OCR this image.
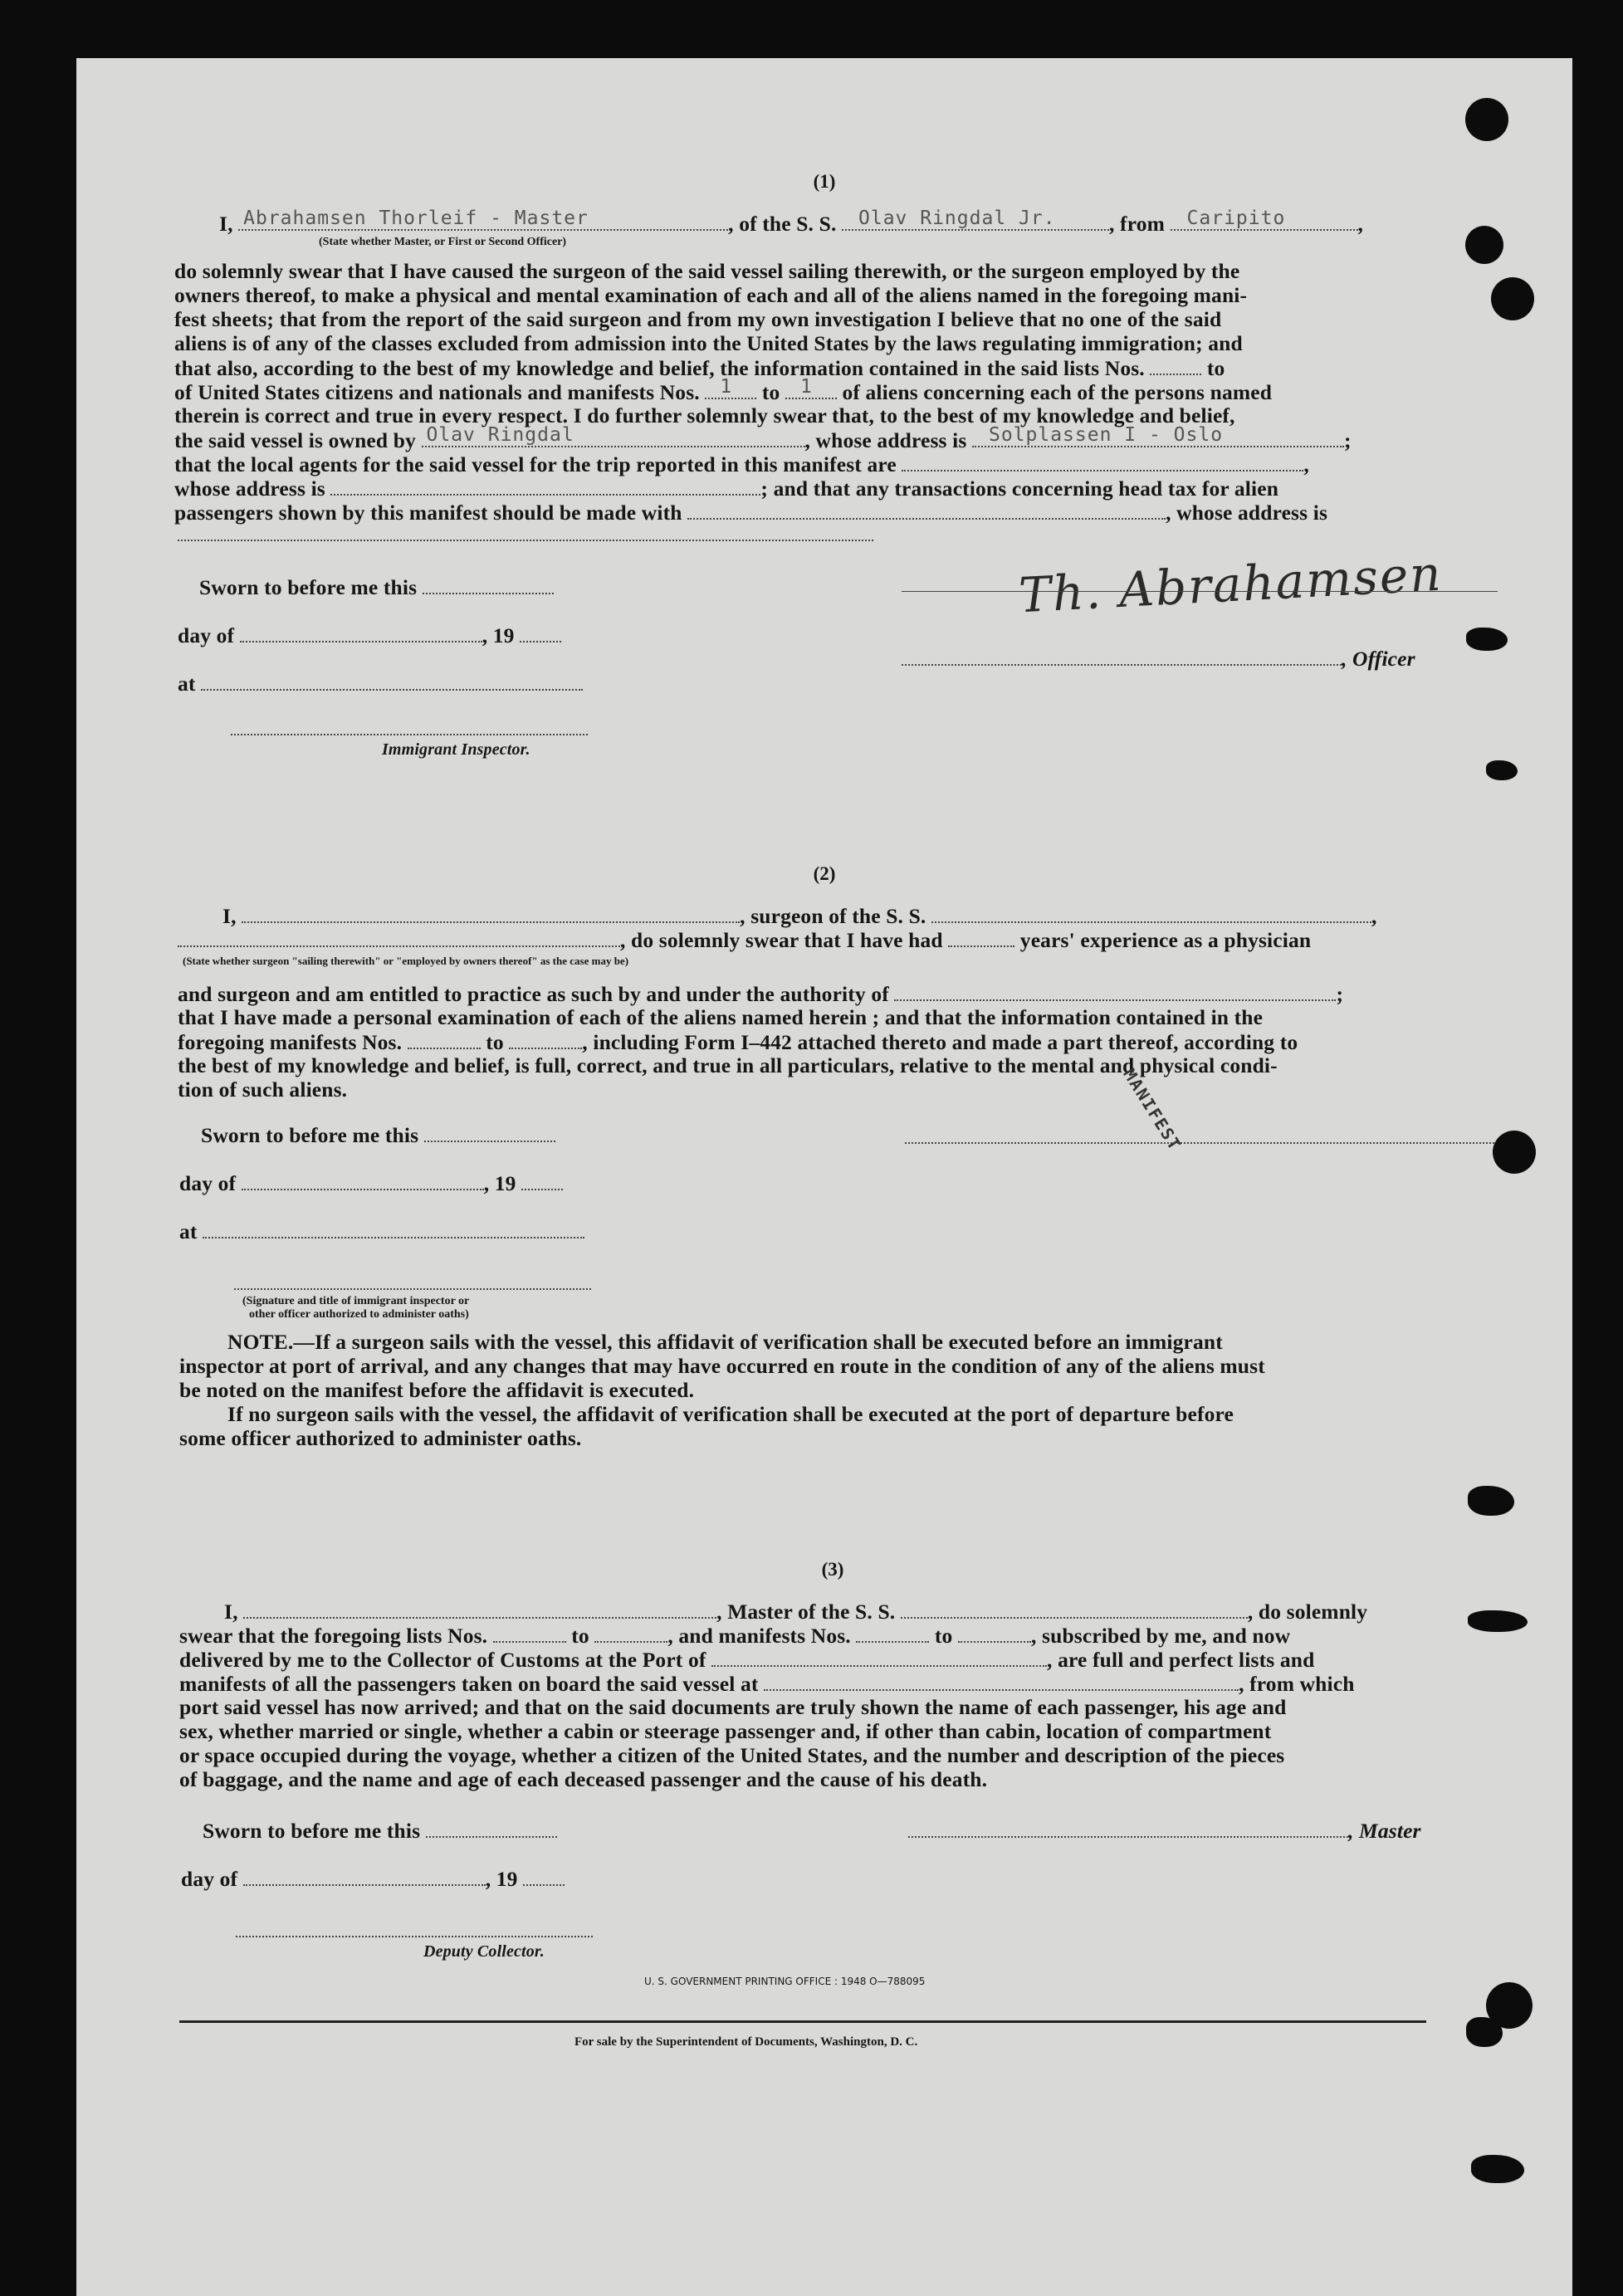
(1)
I, Abrahamsen Thorleif - Master	, of the S. S. Olav Ringdal Jr.	, from Caripito	,
(State whether Master, or First or Second Officer)
do solemnly swear that I have caused the surgeon of the said vessel sailing therewith, or the surgeon employed by the
owners thereof, to make a physical and mental examination of each and all of the aliens named in the foregoing mani-
fest sheets; that from the report of the said surgeon and from my own investigation I believe that no one of the said
aliens is of any of the classes excluded from admission into the United States by the laws regulating immigration; and
that also, according to the best of my knowledge and belief, the information contained in the said lists Nos.	to
of United States citizens and nationals and manifests Nos. 1 to 1 of aliens concerning each of the persons named
therein is correct and true in every respect. I do further solemnly swear that, to the best of my knowledge and belief,
the said vessel is owned by Olav Ringdal	, whose address is Solplassen I - Oslo	;
that the local agents for the said vessel for the trip reported in this manifest are	,
whose address is	; and that any transactions concerning head tax for alien
passengers shown by this manifest should be made with	, whose address is
Sworn to before me this	Th. Abrahamsen
day of	, 19
, Officer
at
Immigrant Inspector.
(2)
I,	, surgeon of the S. S.	,
, do solemnly swear that I have had	years' experience as a physician
(State whether surgeon "sailing therewith" or "employed by owners thereof" as the case may be)
and surgeon and am entitled to practice as such by and under the authority of	;
that I have made a personal examination of each of the aliens named herein ; and that the information contained in the
foregoing manifests Nos.	to	, including Form I–442 attached thereto and made a part thereof, according to
the best of my knowledge and belief, is full, correct, and true in all particulars, relative to the mental and physical condi-
tion of such aliens.	MANIFEST
Sworn to before me this
day of	, 19
at
(Signature and title of immigrant inspector or
other officer authorized to administer oaths)
NOTE.—If a surgeon sails with the vessel, this affidavit of verification shall be executed before an immigrant
inspector at port of arrival, and any changes that may have occurred en route in the condition of any of the aliens must
be noted on the manifest before the affidavit is executed.
If no surgeon sails with the vessel, the affidavit of verification shall be executed at the port of departure before
some officer authorized to administer oaths.
(3)
I,	, Master of the S. S.	, do solemnly
swear that the foregoing lists Nos.	to	, and manifests Nos.	to	, subscribed by me, and now
delivered by me to the Collector of Customs at the Port of	, are full and perfect lists and
manifests of all the passengers taken on board the said vessel at	, from which
port said vessel has now arrived; and that on the said documents are truly shown the name of each passenger, his age and
sex, whether married or single, whether a cabin or steerage passenger and, if other than cabin, location of compartment
or space occupied during the voyage, whether a citizen of the United States, and the number and description of the pieces
of baggage, and the name and age of each deceased passenger and the cause of his death.
Sworn to before me this	, Master
day of	, 19
Deputy Collector.
U. S. GOVERNMENT PRINTING OFFICE : 1948 O—788095
For sale by the Superintendent of Documents, Washington, D. C.
